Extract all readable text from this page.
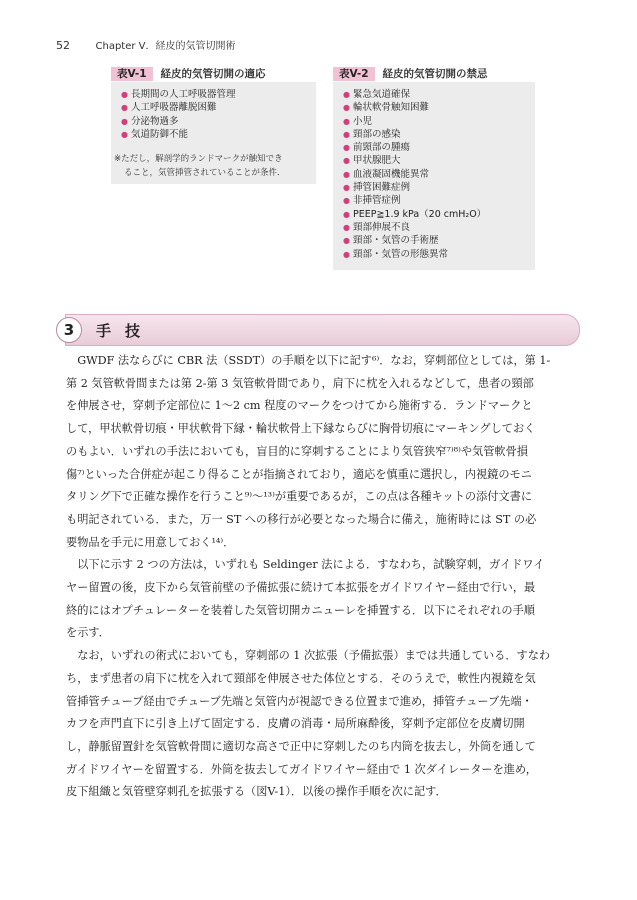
52	Chapter V．経皮的気管切開術
表V-1 経皮的気管切開の適応
● 長期間の人工呼吸器管理
● 人工呼吸器離脱困難
● 分泌物過多
● 気道防御不能
※ただし，解剖学的ランドマークが触知でき
ること，気管挿管されていることが条件．
表V-2 経皮的気管切開の禁忌
● 緊急気道確保
● 輪状軟骨触知困難
● 小児
● 頸部の感染
● 前頸部の腫瘍
● 甲状腺肥大
● 血液凝固機能異常
● 挿管困難症例
● 非挿管症例
● PEEP≧1.9 kPa（20 cmH₂O）
● 頸部伸展不良
● 頸部・気管の手術歴
● 頸部・気管の形態異常
3	手技

　GWDF 法ならびに CBR 法（SSDT）の手順を以下に記す⁶⁾．なお，穿刺部位としては，第 1-

第 2 気管軟骨間または第 2-第 3 気管軟骨間であり，肩下に枕を入れるなどして，患者の頸部

を伸展させ，穿刺予定部位に 1～2 cm 程度のマークをつけてから施術する．ランドマークと

して，甲状軟骨切痕・甲状軟骨下縁・輪状軟骨上下縁ならびに胸骨切痕にマーキングしておく

のもよい．いずれの手法においても，盲目的に穿刺することにより気管狭窄⁷⁾⁸⁾や気管軟骨損

傷⁷⁾といった合併症が起こり得ることが指摘されており，適応を慎重に選択し，内視鏡のモニ

タリング下で正確な操作を行うこと⁹⁾～¹³⁾が重要であるが，この点は各種キットの添付文書に

も明記されている．また，万一 ST への移行が必要となった場合に備え，施術時には ST の必

要物品を手元に用意しておく¹⁴⁾．

　以下に示す 2 つの方法は，いずれも Seldinger 法による．すなわち，試験穿刺，ガイドワイ

ヤー留置の後，皮下から気管前壁の予備拡張に続けて本拡張をガイドワイヤー経由で行い，最

終的にはオプチュレーターを装着した気管切開カニューレを挿置する．以下にそれぞれの手順

を示す．

　なお，いずれの術式においても，穿刺部の 1 次拡張（予備拡張）までは共通している．すなわ

ち，まず患者の肩下に枕を入れて頸部を伸展させた体位とする．そのうえで，軟性内視鏡を気

管挿管チューブ経由でチューブ先端と気管内が視認できる位置まで進め，挿管チューブ先端・

カフを声門直下に引き上げて固定する．皮膚の消毒・局所麻酔後，穿刺予定部位を皮膚切開

し，静脈留置針を気管軟骨間に適切な高さで正中に穿刺したのち内筒を抜去し，外筒を通して

ガイドワイヤーを留置する．外筒を抜去してガイドワイヤー経由で 1 次ダイレーターを進め，

皮下組織と気管壁穿刺孔を拡張する（図V-1）．以後の操作手順を次に記す．
